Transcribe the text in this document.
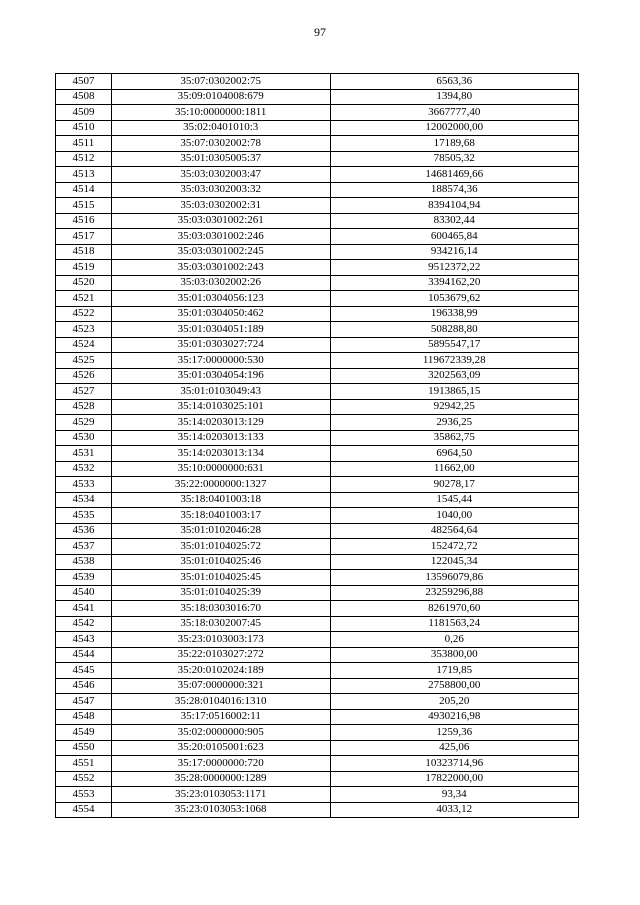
97
4507	35:07:0302002:75	6563,36
4508	35:09:0104008:679	1394,80
4509	35:10:0000000:1811	3667777,40
4510	35:02:0401010:3	12002000,00
4511	35:07:0302002:78	17189,68
4512	35:01:0305005:37	78505,32
4513	35:03:0302003:47	14681469,66
4514	35:03:0302003:32	188574,36
4515	35:03:0302002:31	8394104,94
4516	35:03:0301002:261	83302,44
4517	35:03:0301002:246	600465,84
4518	35:03:0301002:245	934216,14
4519	35:03:0301002:243	9512372,22
4520	35:03:0302002:26	3394162,20
4521	35:01:0304056:123	1053679,62
4522	35:01:0304050:462	196338,99
4523	35:01:0304051:189	508288,80
4524	35:01:0303027:724	5895547,17
4525	35:17:0000000:530	119672339,28
4526	35:01:0304054:196	3202563,09
4527	35:01:0103049:43	1913865,15
4528	35:14:0103025:101	92942,25
4529	35:14:0203013:129	2936,25
4530	35:14:0203013:133	35862,75
4531	35:14:0203013:134	6964,50
4532	35:10:0000000:631	11662,00
4533	35:22:0000000:1327	90278,17
4534	35:18:0401003:18	1545,44
4535	35:18:0401003:17	1040,00
4536	35:01:0102046:28	482564,64
4537	35:01:0104025:72	152472,72
4538	35:01:0104025:46	122045,34
4539	35:01:0104025:45	13596079,86
4540	35:01:0104025:39	23259296,88
4541	35:18:0303016:70	8261970,60
4542	35:18:0302007:45	1181563,24
4543	35:23:0103003:173	0,26
4544	35:22:0103027:272	353800,00
4545	35:20:0102024:189	1719,85
4546	35:07:0000000:321	2758800,00
4547	35:28:0104016:1310	205,20
4548	35:17:0516002:11	4930216,98
4549	35:02:0000000:905	1259,36
4550	35:20:0105001:623	425,06
4551	35:17:0000000:720	10323714,96
4552	35:28:0000000:1289	17822000,00
4553	35:23:0103053:1171	93,34
4554	35:23:0103053:1068	4033,12
